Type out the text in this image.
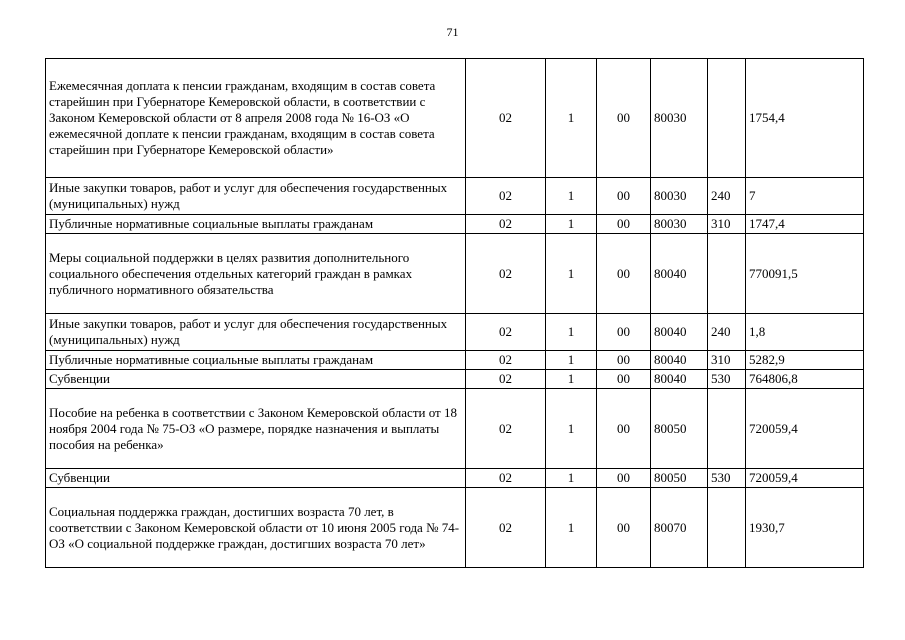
71
Ежемесячная доплата к пенсии гражданам, входящим в состав совета старейшин при Губернаторе Кемеровской области, в соответствии с Законом Кемеровской области от 8 апреля 2008 года № 16-ОЗ «О ежемесячной доплате к пенсии гражданам, входящим в состав совета старейшин при Губернаторе Кемеровской области»	02	1	00	80030		1754,4
Иные закупки товаров, работ и услуг для обеспечения государственных (муниципальных) нужд	02	1	00	80030	240	7
Публичные нормативные социальные выплаты гражданам	02	1	00	80030	310	1747,4
Меры социальной поддержки в целях развития дополнительного социального обеспечения отдельных категорий граждан в рамках публичного нормативного обязательства	02	1	00	80040		770091,5
Иные закупки товаров, работ и услуг для обеспечения государственных (муниципальных) нужд	02	1	00	80040	240	1,8
Публичные нормативные социальные выплаты гражданам	02	1	00	80040	310	5282,9
Субвенции	02	1	00	80040	530	764806,8
Пособие на ребенка в соответствии с Законом Кемеровской области от 18 ноября 2004 года № 75-ОЗ «О размере, порядке назначения и выплаты пособия на ребенка»	02	1	00	80050		720059,4
Субвенции	02	1	00	80050	530	720059,4
Социальная поддержка граждан, достигших возраста 70 лет, в соответствии с Законом Кемеровской области от 10 июня 2005 года № 74-ОЗ «О социальной поддержке граждан, достигших возраста 70 лет»	02	1	00	80070		1930,7
